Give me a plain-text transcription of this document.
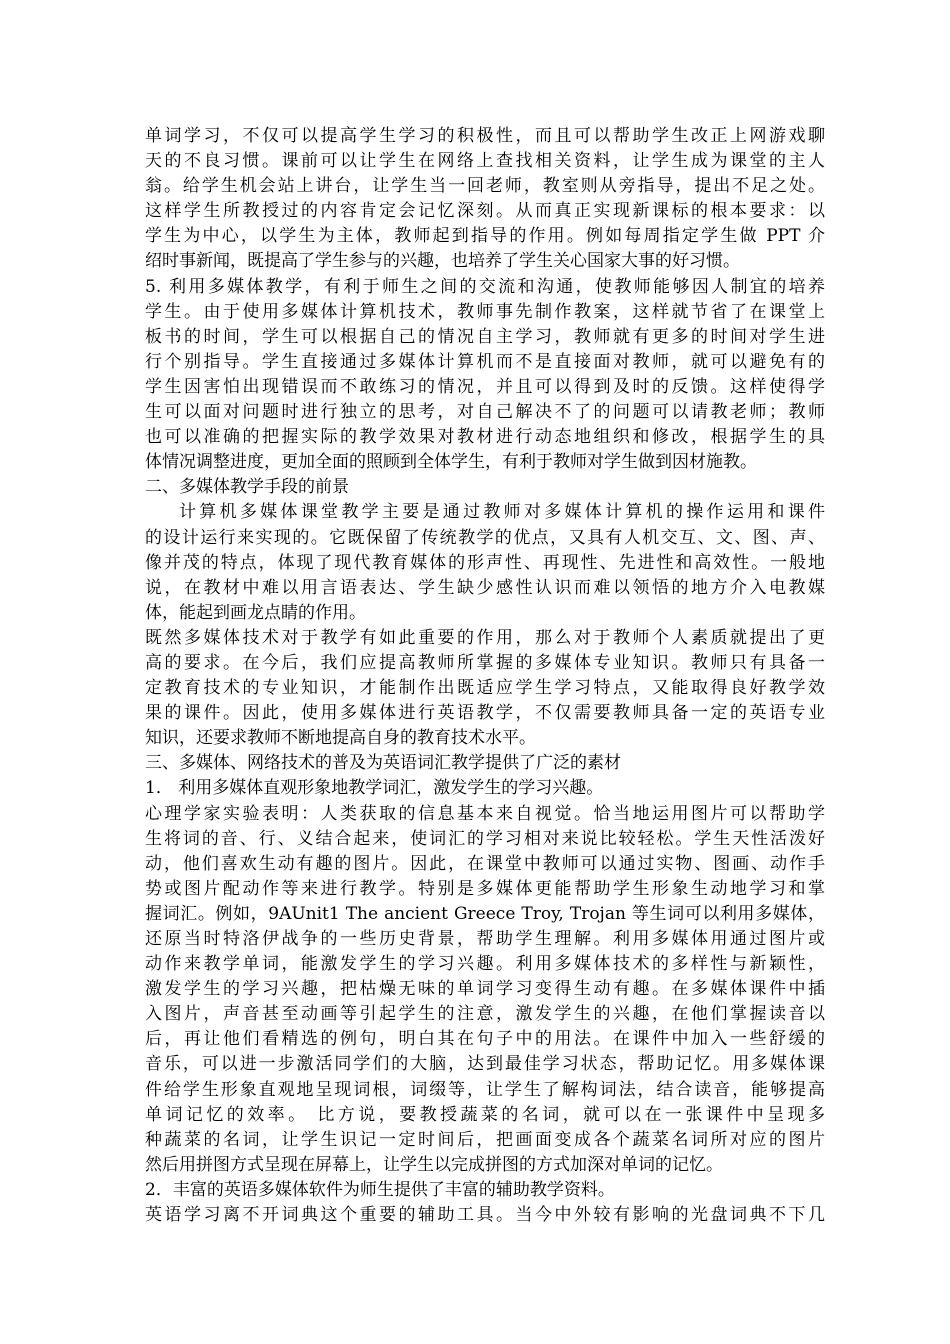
单词学习，不仅可以提高学生学习的积极性，而且可以帮助学生改正上网游戏聊
天的不良习惯。课前可以让学生在网络上查找相关资料，让学生成为课堂的主人
翁。给学生机会站上讲台，让学生当一回老师，教室则从旁指导，提出不足之处。
这样学生所教授过的内容肯定会记忆深刻。从而真正实现新课标的根本要求：以
学生为中心，以学生为主体，教师起到指导的作用。例如每周指定学生做 PPT 介
绍时事新闻，既提高了学生参与的兴趣，也培养了学生关心国家大事的好习惯。
5. 利用多媒体教学，有利于师生之间的交流和沟通，使教师能够因人制宜的培养
学生。由于使用多媒体计算机技术，教师事先制作教案，这样就节省了在课堂上
板书的时间，学生可以根据自己的情况自主学习，教师就有更多的时间对学生进
行个别指导。学生直接通过多媒体计算机而不是直接面对教师，就可以避免有的
学生因害怕出现错误而不敢练习的情况，并且可以得到及时的反馈。这样使得学
生可以面对问题时进行独立的思考，对自己解决不了的问题可以请教老师；教师
也可以准确的把握实际的教学效果对教材进行动态地组织和修改，根据学生的具
体情况调整进度，更加全面的照顾到全体学生，有利于教师对学生做到因材施教。
二、多媒体教学手段的前景
计算机多媒体课堂教学主要是通过教师对多媒体计算机的操作运用和课件
的设计运行来实现的。它既保留了传统教学的优点，又具有人机交互、文、图、声、
像并茂的特点，体现了现代教育媒体的形声性、再现性、先进性和高效性。一般地
说，在教材中难以用言语表达、学生缺少感性认识而难以领悟的地方介入电教媒
体，能起到画龙点睛的作用。
既然多媒体技术对于教学有如此重要的作用，那么对于教师个人素质就提出了更
高的要求。在今后，我们应提高教师所掌握的多媒体专业知识。教师只有具备一
定教育技术的专业知识，才能制作出既适应学生学习特点，又能取得良好教学效
果的课件。因此，使用多媒体进行英语教学，不仅需要教师具备一定的英语专业
知识，还要求教师不断地提高自身的教育技术水平。
三、多媒体、网络技术的普及为英语词汇教学提供了广泛的素材
1． 利用多媒体直观形象地教学词汇，激发学生的学习兴趣。
心理学家实验表明：人类获取的信息基本来自视觉。恰当地运用图片可以帮助学
生将词的音、行、义结合起来，使词汇的学习相对来说比较轻松。学生天性活泼好
动，他们喜欢生动有趣的图片。因此，在课堂中教师可以通过实物、图画、动作手
势或图片配动作等来进行教学。特别是多媒体更能帮助学生形象生动地学习和掌
握词汇。例如，9AUnit1 The ancient Greece Troy, Trojan 等生词可以利用多媒体，
还原当时特洛伊战争的一些历史背景，帮助学生理解。利用多媒体用通过图片或
动作来教学单词，能激发学生的学习兴趣。利用多媒体技术的多样性与新颖性，
激发学生的学习兴趣，把枯燥无味的单词学习变得生动有趣。在多媒体课件中插
入图片，声音甚至动画等引起学生的注意，激发学生的兴趣，在他们掌握读音以
后，再让他们看精选的例句，明白其在句子中的用法。在课件中加入一些舒缓的
音乐，可以进一步激活同学们的大脑，达到最佳学习状态，帮助记忆。用多媒体课
件给学生形象直观地呈现词根，词缀等，让学生了解构词法，结合读音，能够提高
单词记忆的效率。 比方说，要教授蔬菜的名词，就可以在一张课件中呈现多
种蔬菜的名词，让学生识记一定时间后，把画面变成各个蔬菜名词所对应的图片
然后用拼图方式呈现在屏幕上，让学生以完成拼图的方式加深对单词的记忆。
2．丰富的英语多媒体软件为师生提供了丰富的辅助教学资料。
英语学习离不开词典这个重要的辅助工具。当今中外较有影响的光盘词典不下几
